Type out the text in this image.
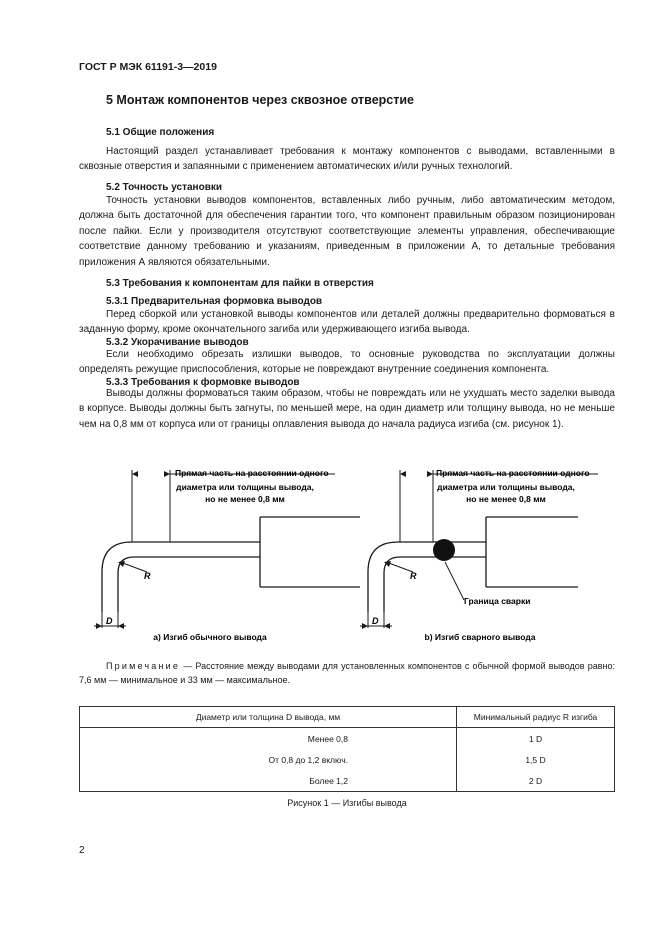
ГОСТ Р МЭК 61191-3—2019
5 Монтаж компонентов через сквозное отверстие
5.1 Общие положения
Настоящий раздел устанавливает требования к монтажу компонентов с выводами, вставленными в сквозные отверстия и запаянными с применением автоматических и/или ручных технологий.
5.2 Точность установки
Точность установки выводов компонентов, вставленных либо ручным, либо автоматическим методом, должна быть достаточной для обеспечения гарантии того, что компонент правильным образом позиционирован после пайки. Если у производителя отсутствуют соответствующие элементы управления, обеспечивающие соответствие данному требованию и указаниям, приведенным в приложении А, то детальные требования приложения А являются обязательными.
5.3 Требования к компонентам для пайки в отверстия
5.3.1 Предварительная формовка выводов
Перед сборкой или установкой выводы компонентов или деталей должны предварительно формоваться в заданную форму, кроме окончательного загиба или удерживающего изгиба вывода.
5.3.2 Укорачивание выводов
Если необходимо обрезать излишки выводов, то основные руководства по эксплуатации должны определять режущие приспособления, которые не повреждают внутренние соединения компонента.
5.3.3 Требования к формовке выводов
Выводы должны формоваться таким образом, чтобы не повреждать или не ухудшать место заделки вывода в корпусе. Выводы должны быть загнуты, по меньшей мере, на один диаметр или толщину вывода, но не меньше чем на 0,8 мм от корпуса или от границы оплавления вывода до начала радиуса изгиба (см. рисунок 1).
Прямая часть на расстоянии одного
диаметра или толщины вывода,
но не менее 0,8 мм
R
D
а) Изгиб обычного вывода
Прямая часть на расстоянии одного
диаметра или толщины вывода,
но не менее 0,8 мм
R
D
Граница сварки
b) Изгиб сварного вывода
Примечание — Расстояние между выводами для установленных компонентов с обычной формой выводов равно: 7,6 мм — минимальное и 33 мм — максимальное.
Диаметр или толщина D вывода, мм	Минимальный радиус R изгиба
Менее 0,8	1 D
От 0,8 до 1,2 включ.	1,5 D
Более 1,2	2 D
Рисунок 1 — Изгибы вывода
2
